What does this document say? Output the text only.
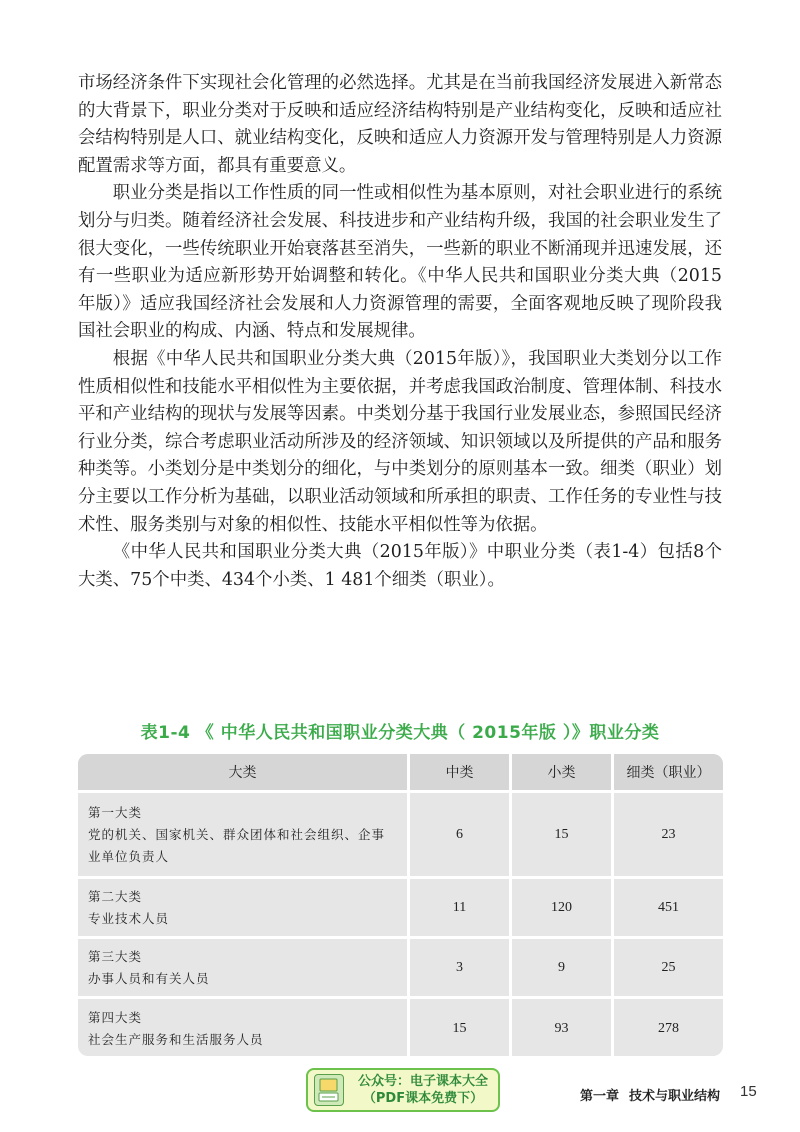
市场经济条件下实现社会化管理的必然选择。尤其是在当前我国经济发展进入新常态的大背景下，职业分类对于反映和适应经济结构特别是产业结构变化，反映和适应社会结构特别是人口、就业结构变化，反映和适应人力资源开发与管理特别是人力资源配置需求等方面，都具有重要意义。

职业分类是指以工作性质的同一性或相似性为基本原则，对社会职业进行的系统划分与归类。随着经济社会发展、科技进步和产业结构升级，我国的社会职业发生了很大变化，一些传统职业开始衰落甚至消失，一些新的职业不断涌现并迅速发展，还有一些职业为适应新形势开始调整和转化。《中华人民共和国职业分类大典（2015年版）》适应我国经济社会发展和人力资源管理的需要，全面客观地反映了现阶段我国社会职业的构成、内涵、特点和发展规律。

根据《中华人民共和国职业分类大典（2015年版）》，我国职业大类划分以工作性质相似性和技能水平相似性为主要依据，并考虑我国政治制度、管理体制、科技水平和产业结构的现状与发展等因素。中类划分基于我国行业发展业态，参照国民经济行业分类，综合考虑职业活动所涉及的经济领域、知识领域以及所提供的产品和服务种类等。小类划分是中类划分的细化，与中类划分的原则基本一致。细类（职业）划分主要以工作分析为基础，以职业活动领域和所承担的职责、工作任务的专业性与技术性、服务类别与对象的相似性、技能水平相似性等为依据。

《中华人民共和国职业分类大典（2015年版）》中职业分类（表1-4）包括8个大类、75个中类、434个小类、1 481个细类（职业）。

表1-4 《 中华人民共和国职业分类大典（ 2015年版 ）》职业分类
大类	中类	小类	细类（职业）

第一大类
党的机关、国家机关、群众团体和社会组织、企事业单位负责人	6	15	23

第二大类
专业技术人员	11	120	451

第三大类
办事人员和有关人员	3	9	25

第四大类
社会生产服务和生活服务人员	15	93	278
公众号：电子课本大全
（PDF课本免费下）	第一章 技术与职业结构 15
